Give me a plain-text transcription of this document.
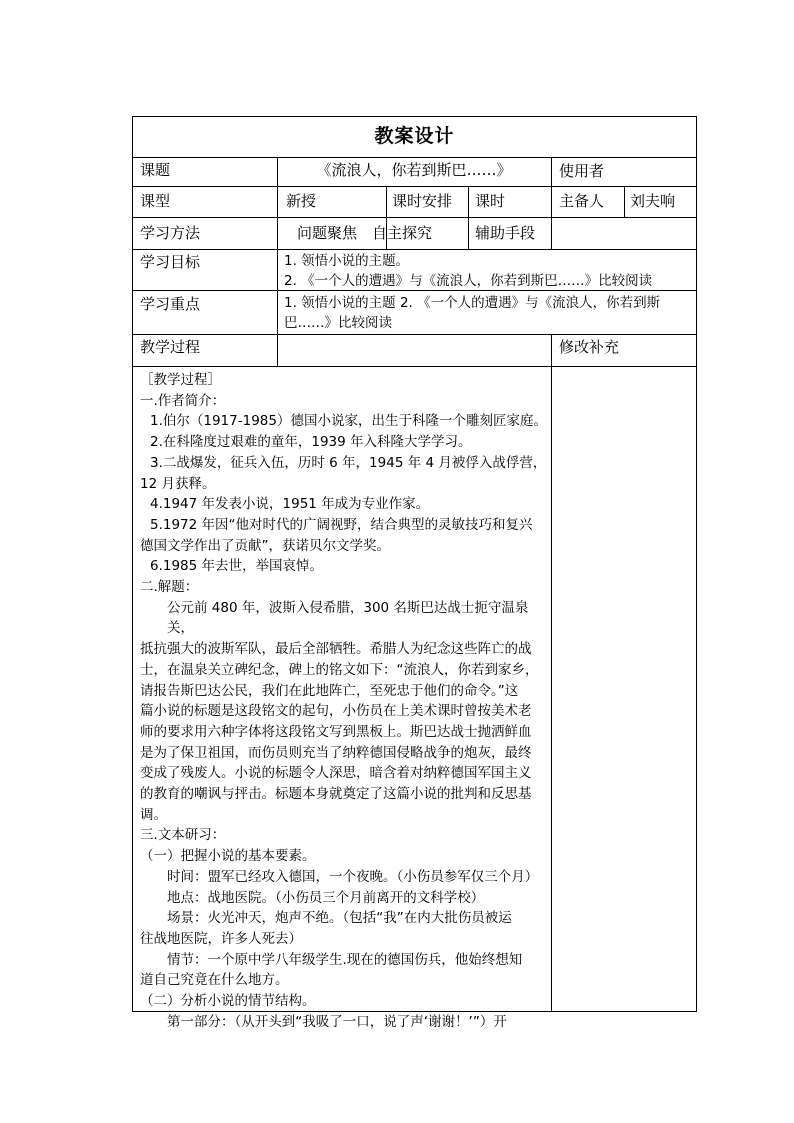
教案设计
课题	《流浪人，你若到斯巴……》	使用者
课型	新授	课时安排 课时	主备人 刘夫响
学习方法	问题聚焦　自主探究	辅助手段
学习目标	1. 领悟小说的主题。
2. 《一个人的遭遇》与《流浪人，你若到斯巴……》比较阅读
学习重点	1. 领悟小说的主题 2. 《一个人的遭遇》与《流浪人，你若到斯
巴……》比较阅读
教学过程	修改补充

［教学过程］

一.作者简介：

1.伯尔（1917-1985）德国小说家，出生于科隆一个雕刻匠家庭。

2.在科隆度过艰难的童年，1939 年入科隆大学学习。

3.二战爆发，征兵入伍，历时 6 年，1945 年 4 月被俘入战俘营，

12 月获释。

4.1947 年发表小说，1951 年成为专业作家。

5.1972 年因“他对时代的广阔视野，结合典型的灵敏技巧和复兴

德国文学作出了贡献”，获诺贝尔文学奖。

6.1985 年去世，举国哀悼。

二.解题：

公元前 480 年，波斯入侵希腊，300 名斯巴达战士扼守温泉关，

抵抗强大的波斯军队，最后全部牺牲。希腊人为纪念这些阵亡的战

士，在温泉关立碑纪念，碑上的铭文如下：“流浪人，你若到家乡，

请报告斯巴达公民，我们在此地阵亡，至死忠于他们的命令。”这

篇小说的标题是这段铭文的起句，小伤员在上美术课时曾按美术老

师的要求用六种字体将这段铭文写到黑板上。斯巴达战士抛洒鲜血

是为了保卫祖国，而伤员则充当了纳粹德国侵略战争的炮灰，最终

变成了残废人。小说的标题令人深思，暗含着对纳粹德国军国主义

的教育的嘲讽与抨击。标题本身就奠定了这篇小说的批判和反思基

调。

三.文本研习：

（一）把握小说的基本要素。

时间：盟军已经攻入德国，一个夜晚。（小伤员参军仅三个月）

地点：战地医院。（小伤员三个月前离开的文科学校）

场景：火光冲天，炮声不绝。（包括“我”在内大批伤员被运

往战地医院，许多人死去）

情节：一个原中学八年级学生.现在的德国伤兵，他始终想知

道自己究竟在什么地方。

（二）分析小说的情节结构。

第一部分：（从开头到“我吸了一口，说了声‘谢谢！’”）开
